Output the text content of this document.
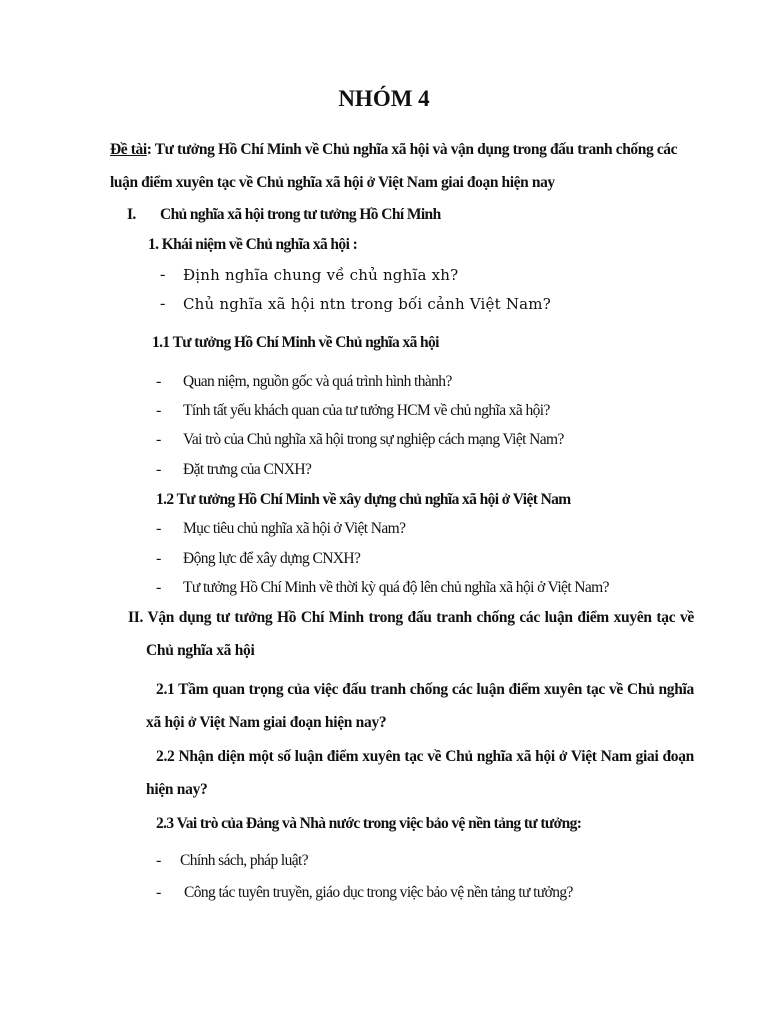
NHÓM 4
Đề tài: Tư tưởng Hồ Chí Minh về Chủ nghĩa xã hội và vận dụng trong đấu tranh chống các luận điểm xuyên tạc về Chủ nghĩa xã hội ở Việt Nam giai đoạn hiện nay
I. Chủ nghĩa xã hội trong tư tưởng Hồ Chí Minh
1. Khái niệm về Chủ nghĩa xã hội :
- Định nghĩa chung về chủ nghĩa xh?
- Chủ nghĩa xã hội ntn trong bối cảnh Việt Nam?
1.1 Tư tưởng Hồ Chí Minh về Chủ nghĩa xã hội
- Quan niệm, nguồn gốc và quá trình hình thành?
- Tính tất yếu khách quan của tư tưởng HCM về chủ nghĩa xã hội?
- Vai trò của Chủ nghĩa xã hội trong sự nghiệp cách mạng Việt Nam?
- Đặt trưng của CNXH?
1.2 Tư tưởng Hồ Chí Minh về xây dựng chủ nghĩa xã hội ở Việt Nam
- Mục tiêu chủ nghĩa xã hội ở Việt Nam?
- Động lực để xây dựng CNXH?
- Tư tưởng Hồ Chí Minh về thời kỳ quá độ lên chủ nghĩa xã hội ở Việt Nam?
II. Vận dụng tư tưởng Hồ Chí Minh trong đấu tranh chống các luận điểm xuyên tạc về Chủ nghĩa xã hội
2.1 Tầm quan trọng của việc đấu tranh chống các luận điểm xuyên tạc về Chủ nghĩa xã hội ở Việt Nam giai đoạn hiện nay?
2.2 Nhận diện một số luận điểm xuyên tạc về Chủ nghĩa xã hội ở Việt Nam giai đoạn hiện nay?
2.3 Vai trò của Đảng và Nhà nước trong việc bảo vệ nền tảng tư tưởng:
- Chính sách, pháp luật?
- Công tác tuyên truyền, giáo dục trong việc bảo vệ nền tảng tư tưởng?
